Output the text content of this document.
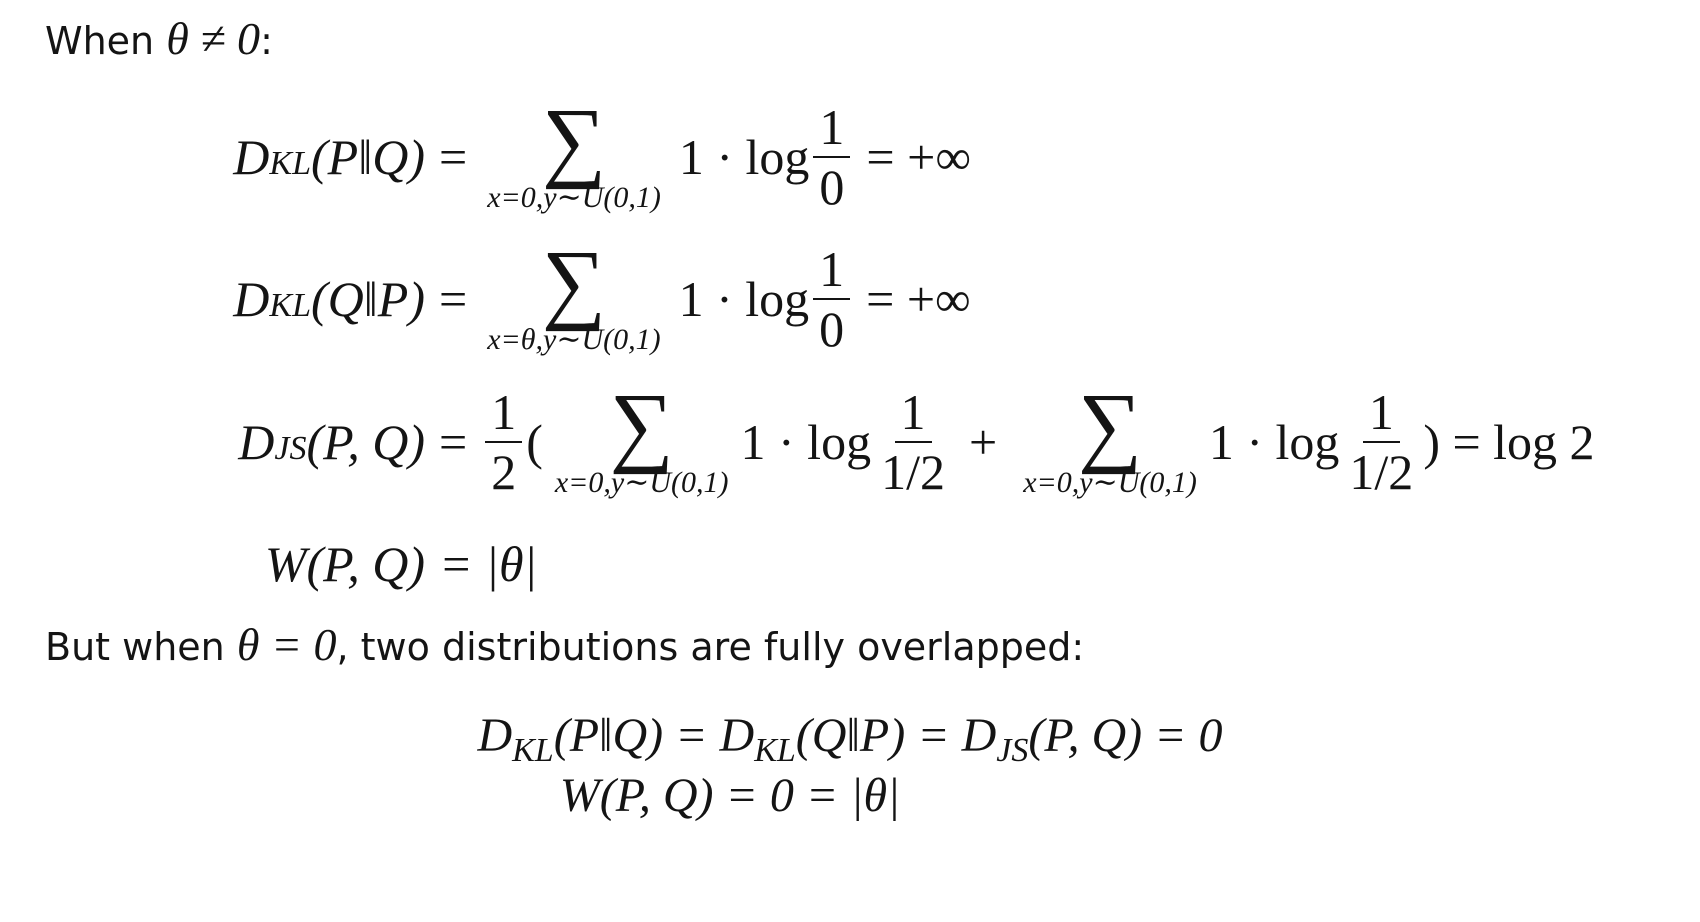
When θ ≠ 0:
D KL (P‖Q) = ∑
x=0,y∼U(0,1)
$1 \cdot \log \frac{1}{0}$ = +∞
D KL (Q‖P) = ∑
x=θ,y∼U(0,1)
$1 \cdot \log \frac{1}{0}$ = +∞
D JS (P, $Q) = \frac{1}{2}$ ( ∑
x=0,y∼U(0,1)
$1 \cdot \log \frac{1}{1/2}$ + ∑
x=0,y∼U(0,1)
$1 \cdot \log \frac{1}{1/2}$ ) = log 2
W(P, Q) = |θ|
But when θ = 0, two distributions are fully overlapped:
$D_{KL}(P‖Q)$ = $D_{KL}(Q‖P) = D_{JS}(P$, Q) = 0
W(P, Q) = 0 = |θ|
